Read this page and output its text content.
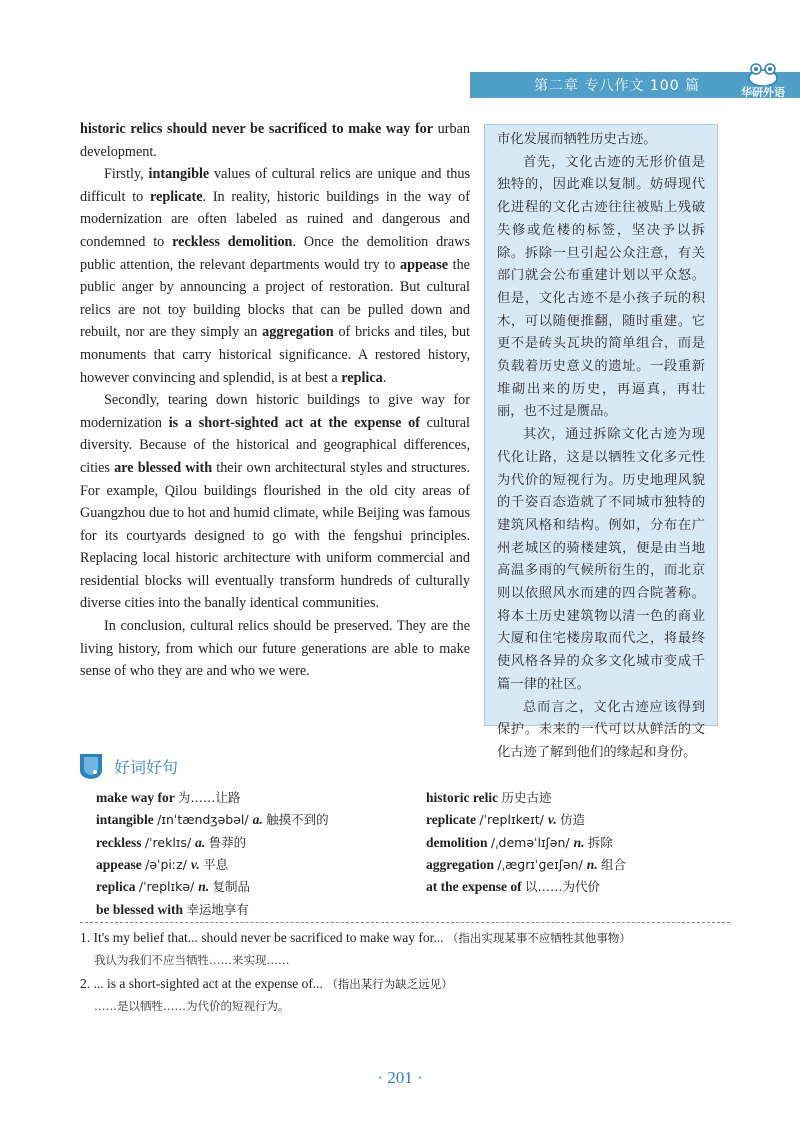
第二章 专八作文 100 篇	华研外语
HUAYAN ENGLISH

historic relics should never be sacrificed to make way for urban development.

Firstly, intangible values of cultural relics are unique and thus difficult to replicate. In reality, historic buildings in the way of modernization are often labeled as ruined and dangerous and condemned to reckless demolition. Once the demolition draws public attention, the relevant departments would try to appease the public anger by announcing a project of restoration. But cultural relics are not toy building blocks that can be pulled down and rebuilt, nor are they simply an aggregation of bricks and tiles, but monuments that carry historical significance. A restored history, however convincing and splendid, is at best a replica.

Secondly, tearing down historic buildings to give way for modernization is a short-sighted act at the expense of cultural diversity. Because of the historical and geographical differences, cities are blessed with their own architectural styles and structures. For example, Qilou buildings flourished in the old city areas of Guangzhou due to hot and humid climate, while Beijing was famous for its courtyards designed to go with the fengshui principles. Replacing local historic architecture with uniform commercial and residential blocks will eventually transform hundreds of culturally diverse cities into the banally identical communities.

In conclusion, cultural relics should be preserved. They are the living history, from which our future generations are able to make sense of who they are and who we were.

市化发展而牺牲历史古迹。

首先，文化古迹的无形价值是独特的，因此难以复制。妨碍现代化进程的文化古迹往往被贴上残破失修或危楼的标签，坚决予以拆除。拆除一旦引起公众注意，有关部门就会公布重建计划以平众怒。但是，文化古迹不是小孩子玩的积木，可以随便推翻，随时重建。它更不是砖头瓦块的简单组合，而是负载着历史意义的遗址。一段重新堆砌出来的历史，再逼真，再壮丽，也不过是赝品。

其次，通过拆除文化古迹为现代化让路，这是以牺牲文化多元性为代价的短视行为。历史地理风貌的千姿百态造就了不同城市独特的建筑风格和结构。例如，分布在广州老城区的骑楼建筑，便是由当地高温多雨的气候所衍生的，而北京则以依照风水而建的四合院著称。将本土历史建筑物以清一色的商业大厦和住宅楼房取而代之，将最终使风格各异的众多文化城市变成千篇一律的社区。

总而言之，文化古迹应该得到保护。未来的一代可以从鲜活的文化古迹了解到他们的缘起和身份。

好词好句
make way for 为……让路	historic relic 历史古迹
intangible /ɪnˈtændʒəbəl/ a. 触摸不到的	replicate /ˈreplɪkeɪt/ v. 仿造
reckless /ˈreklɪs/ a. 鲁莽的	demolition /ˌdeməˈlɪʃən/ n. 拆除
appease /əˈpiːz/ v. 平息	aggregation /ˌæɡrɪˈɡeɪʃən/ n. 组合
replica /ˈreplɪkə/ n. 复制品	at the expense of 以……为代价
be blessed with 幸运地享有
1. It's my belief that... should never be sacrificed to make way for... （指出实现某事不应牺牲其他事物）
我认为我们不应当牺牲……来实现……
2. ... is a short-sighted act at the expense of... （指出某行为缺乏远见）
……是以牺牲……为代价的短视行为。
· 201 ·
